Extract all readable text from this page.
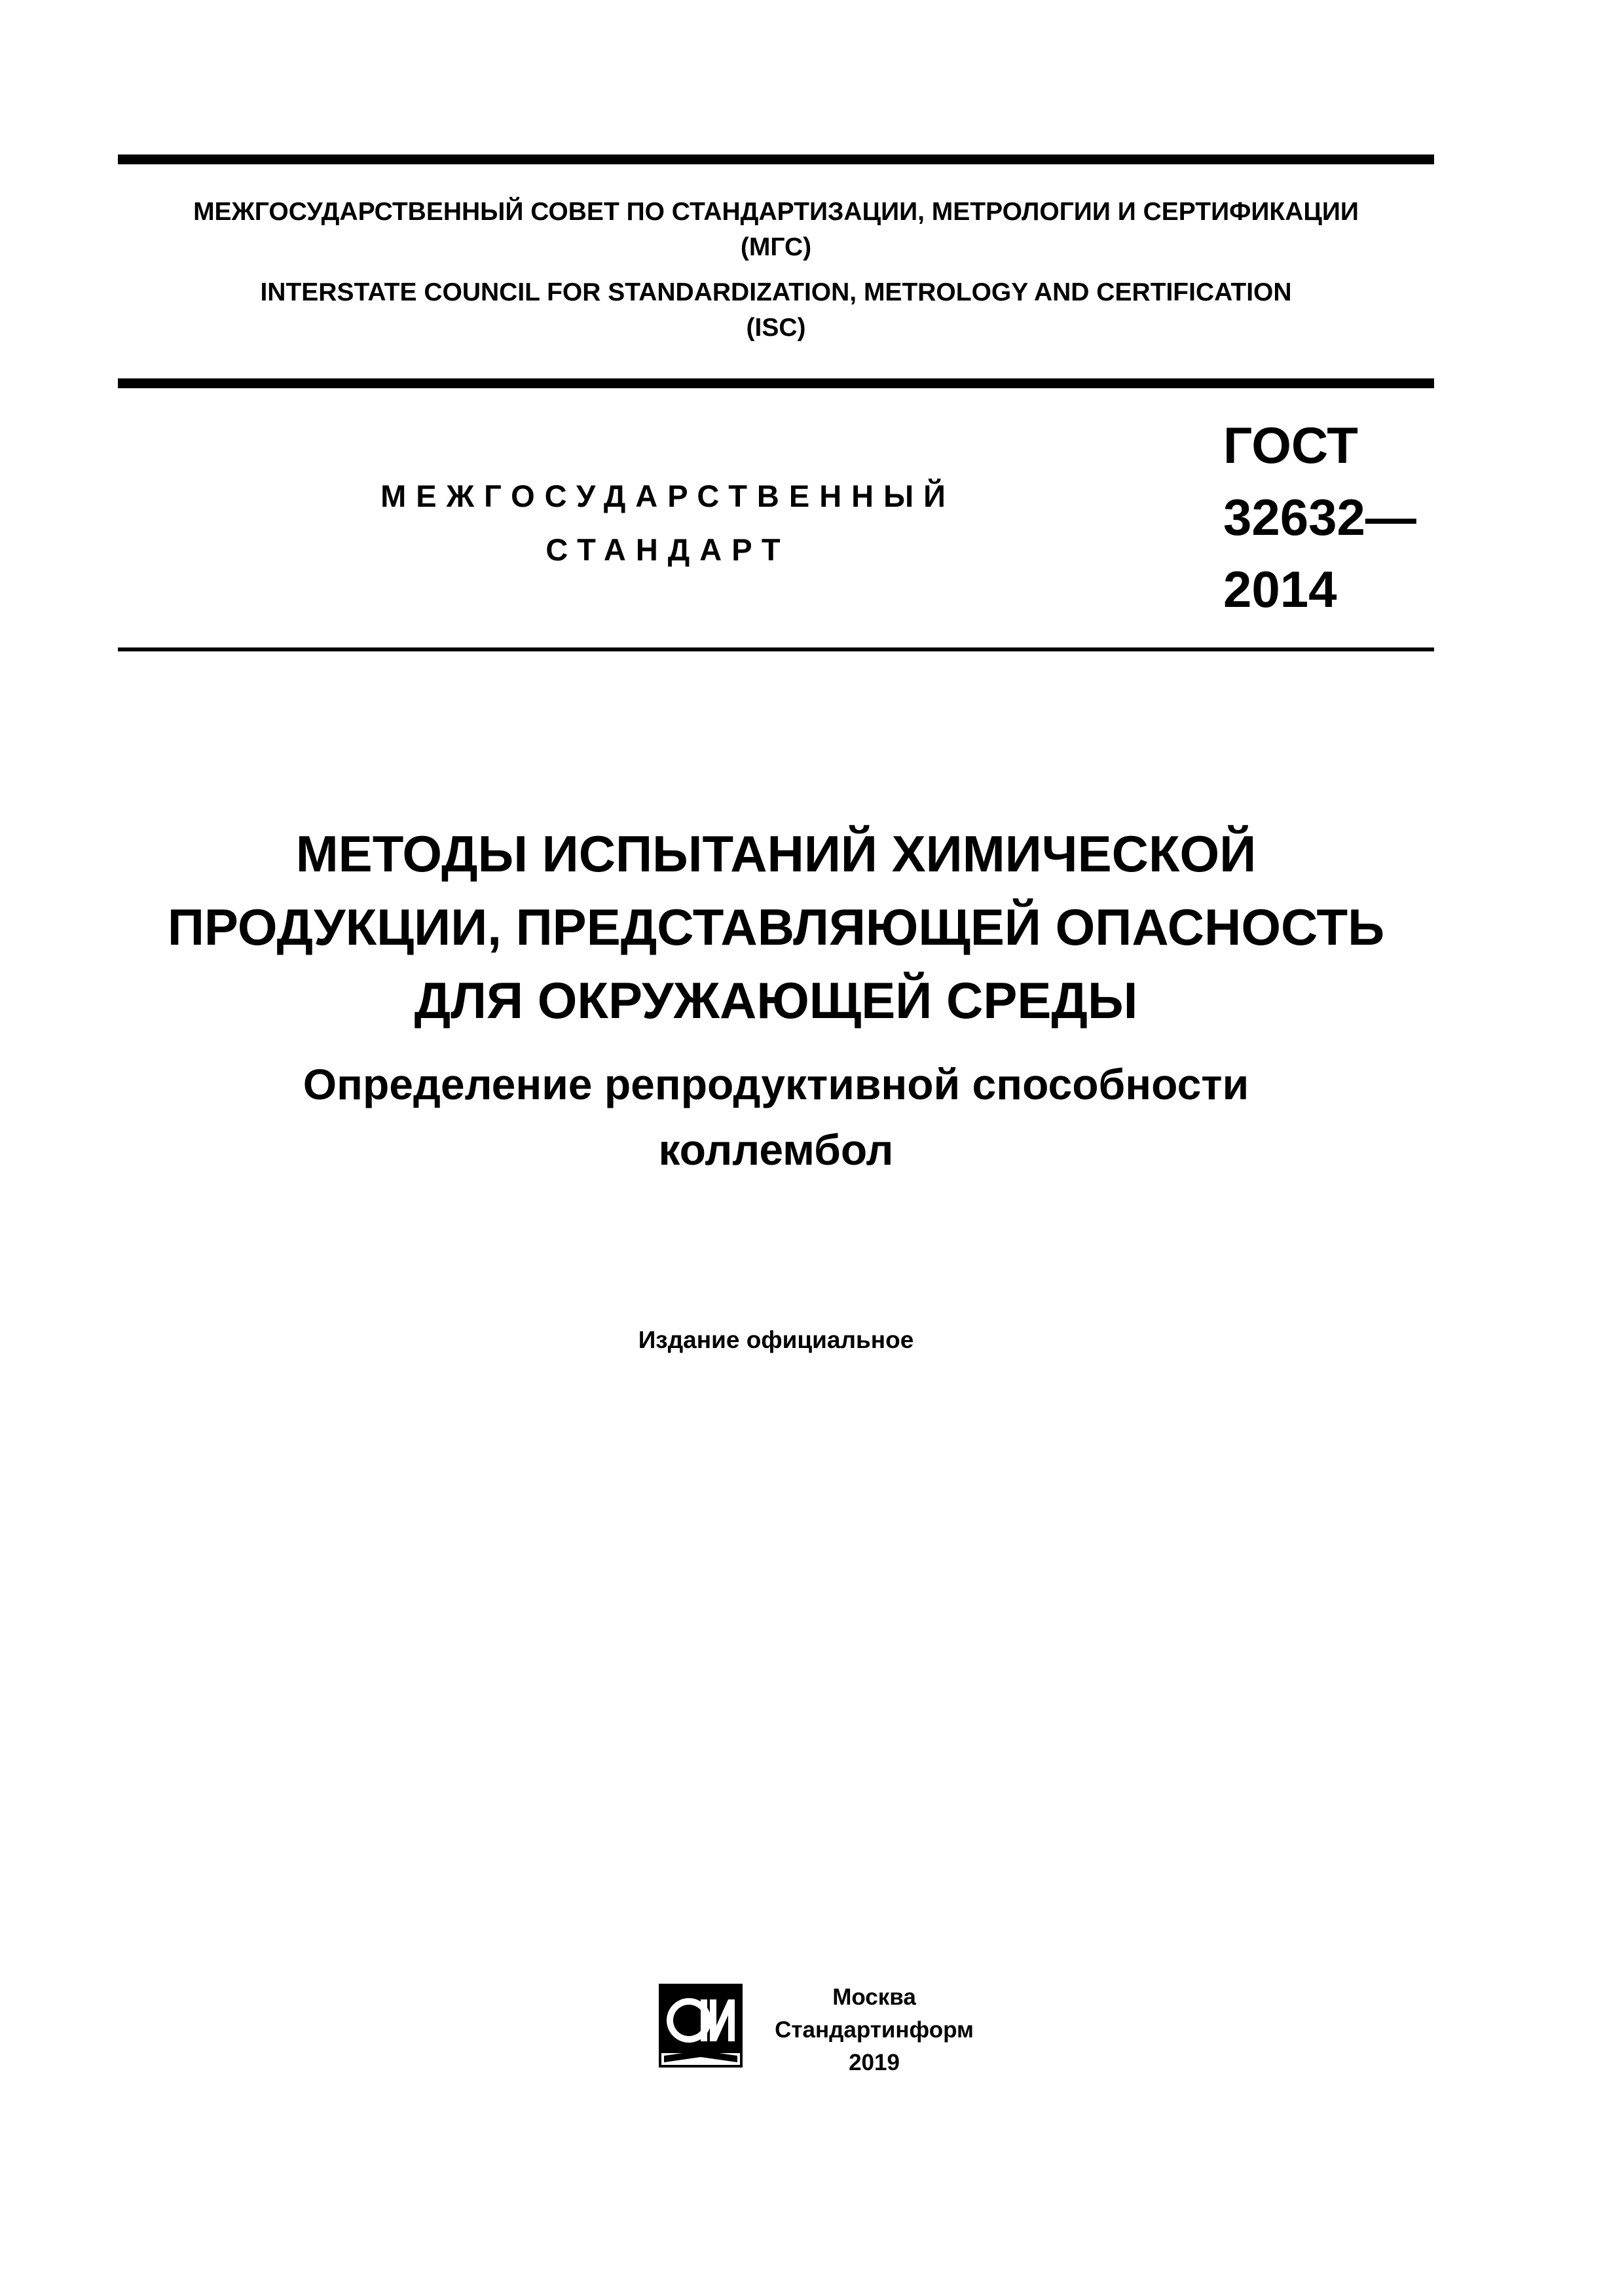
МЕЖГОСУДАРСТВЕННЫЙ СОВЕТ ПО СТАНДАРТИЗАЦИИ, МЕТРОЛОГИИ И СЕРТИФИКАЦИИ
(МГС)
INTERSTATE COUNCIL FOR STANDARDIZATION, METROLOGY AND CERTIFICATION
(ISC)
МЕЖГОСУДАРСТВЕННЫЙ
СТАНДАРТ
ГОСТ
32632—
2014
МЕТОДЫ ИСПЫТАНИЙ ХИМИЧЕСКОЙ
ПРОДУКЦИИ, ПРЕДСТАВЛЯЮЩЕЙ ОПАСНОСТЬ
ДЛЯ ОКРУЖАЮЩЕЙ СРЕДЫ
Определение репродуктивной способности
коллембол
Издание официальное
Москва
Стандартинформ
2019
